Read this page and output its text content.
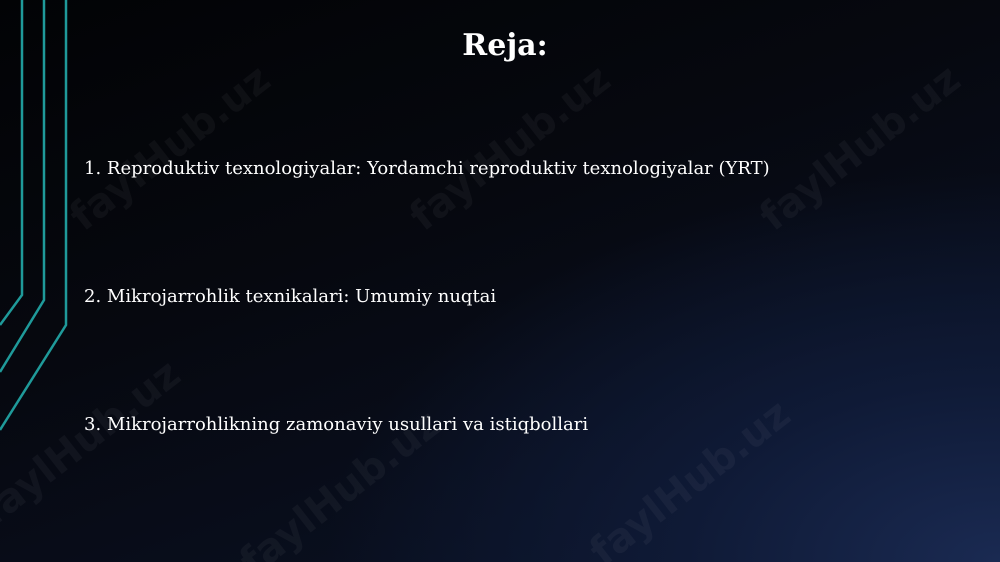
Reja:

1. Reproduktiv texnologiyalar: Yordamchi reproduktiv texnologiyalar (YRT)

2. Mikrojarrohlik texnikalari: Umumiy nuqtai

3. Mikrojarrohlikning zamonaviy usullari va istiqbollari
